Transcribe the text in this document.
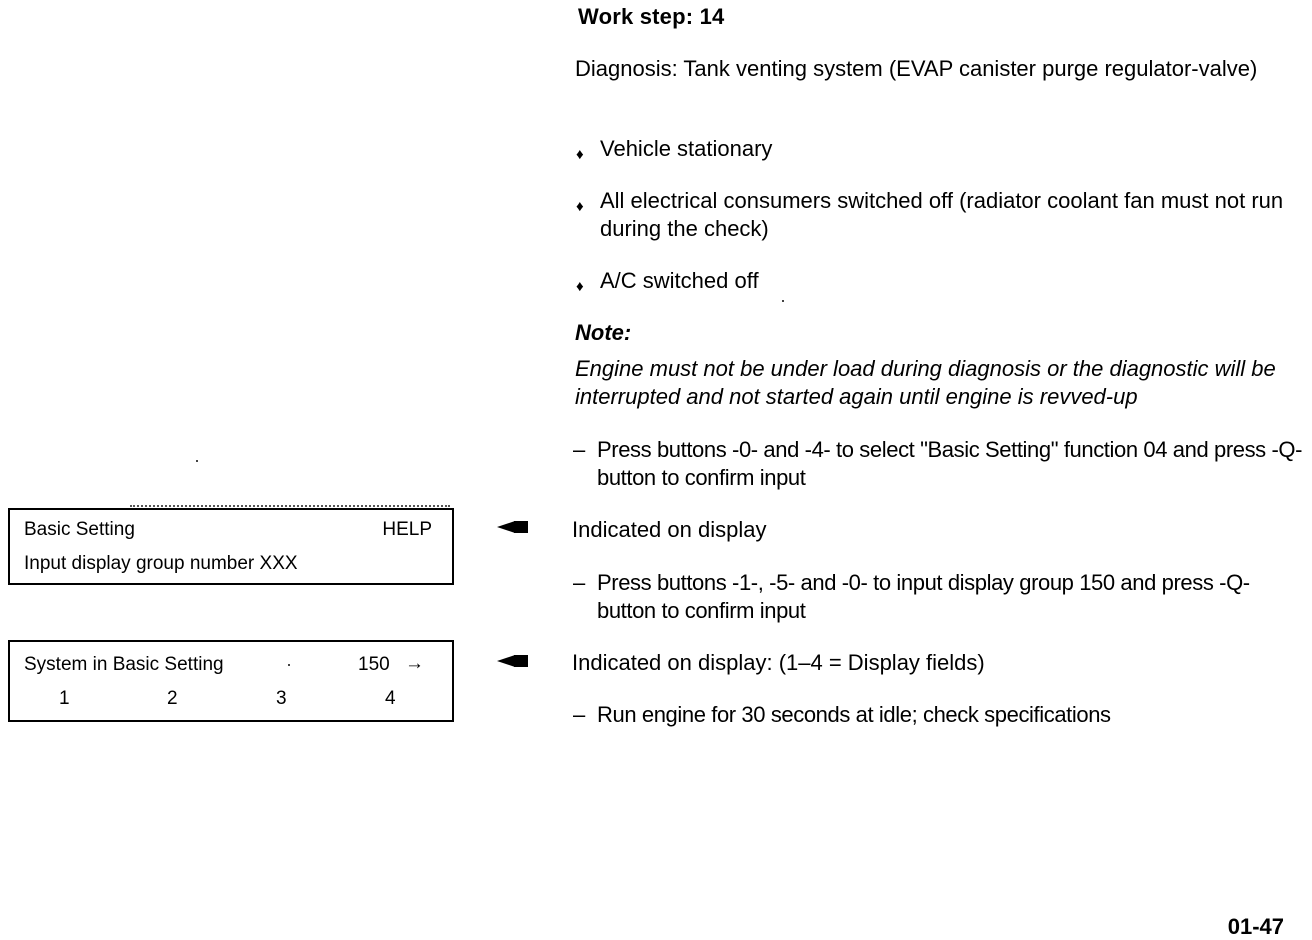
Work step: 14
Diagnosis: Tank venting system (EVAP canister purge regulator-valve)
♦ Vehicle stationary
♦ All electrical consumers switched off (radiator coolant fan must not run during the check)
♦ A/C switched off
Note:
Engine must not be under load during diagnosis or the diagnostic will be interrupted and not started again until engine is revved-up
– Press buttons -0- and -4- to select "Basic Setting" function 04 and press -Q- button to confirm input
Indicated on display
– Press buttons -1-, -5- and -0- to input display group 150 and press -Q- button to confirm input
Indicated on display: (1–4 = Display fields)
– Run engine for 30 seconds at idle; check specifications
Basic Setting	HELP
Input display group number XXX
System in Basic Setting	150 →
1	2	3	4
01-47
